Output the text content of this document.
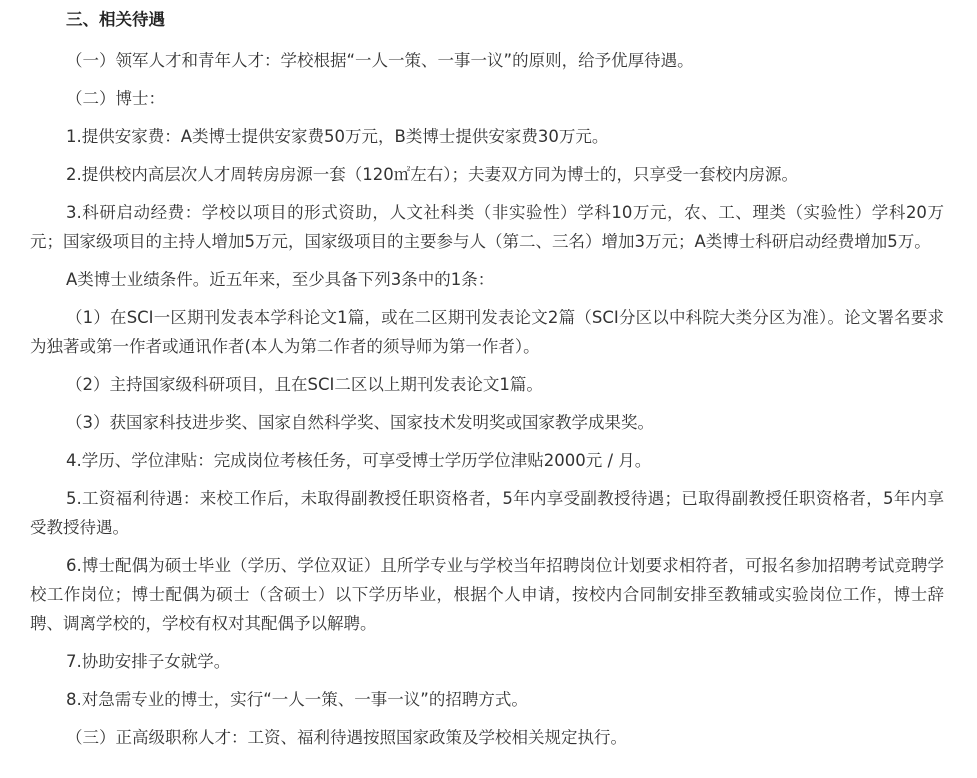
三、相关待遇

（一）领军人才和青年人才：学校根据“一人一策、一事一议”的原则，给予优厚待遇。

（二）博士：

1.提供安家费：A类博士提供安家费50万元，B类博士提供安家费30万元。

2.提供校内高层次人才周转房房源一套（120㎡左右）；夫妻双方同为博士的，只享受一套校内房源。

3.科研启动经费：学校以项目的形式资助，人文社科类（非实验性）学科10万元，农、工、理类（实验性）学科20万元；国家级项目的主持人增加5万元，国家级项目的主要参与人（第二、三名）增加3万元；A类博士科研启动经费增加5万。

A类博士业绩条件。近五年来，至少具备下列3条中的1条：

（1）在SCI一区期刊发表本学科论文1篇，或在二区期刊发表论文2篇（SCI分区以中科院大类分区为准）。论文署名要求为独著或第一作者或通讯作者(本人为第二作者的须导师为第一作者）。

（2）主持国家级科研项目，且在SCI二区以上期刊发表论文1篇。

（3）获国家科技进步奖、国家自然科学奖、国家技术发明奖或国家教学成果奖。

4.学历、学位津贴：完成岗位考核任务，可享受博士学历学位津贴2000元 / 月。

5.工资福利待遇：来校工作后，未取得副教授任职资格者，5年内享受副教授待遇；已取得副教授任职资格者，5年内享受教授待遇。

6.博士配偶为硕士毕业（学历、学位双证）且所学专业与学校当年招聘岗位计划要求相符者，可报名参加招聘考试竞聘学校工作岗位；博士配偶为硕士（含硕士）以下学历毕业，根据个人申请，按校内合同制安排至教辅或实验岗位工作，博士辞聘、调离学校的，学校有权对其配偶予以解聘。

7.协助安排子女就学。

8.对急需专业的博士，实行“一人一策、一事一议”的招聘方式。

（三）正高级职称人才：工资、福利待遇按照国家政策及学校相关规定执行。
